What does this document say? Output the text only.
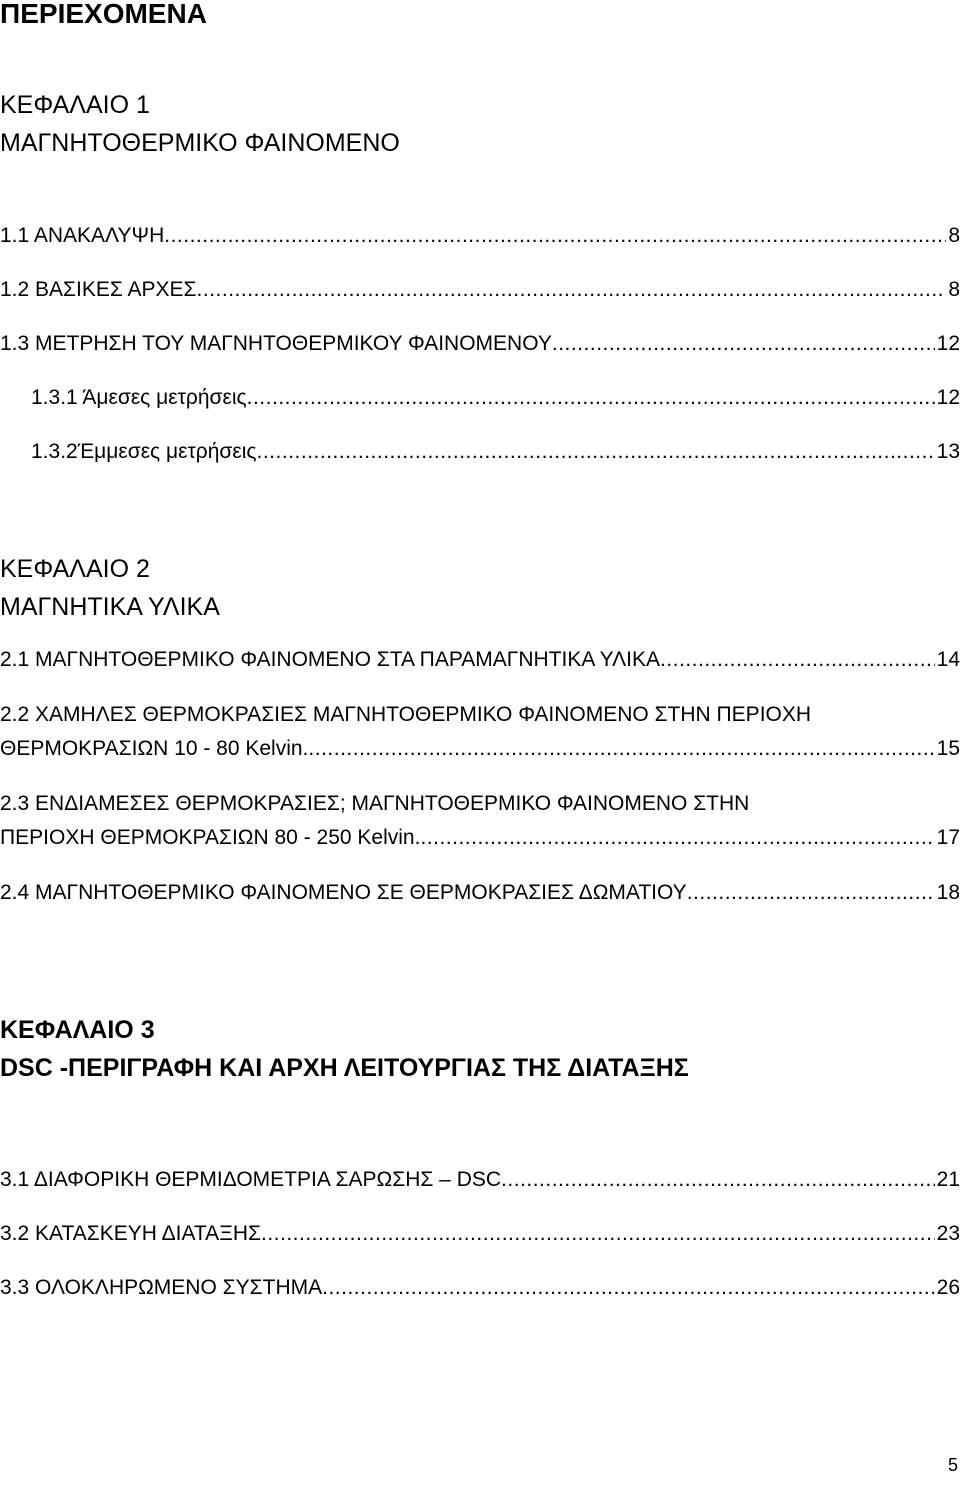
ΠΕΡΙΕΧΟΜΕΝΑ
ΚΕΦΑΛΑΙΟ 1
ΜΑΓΝΗΤΟΘΕΡΜΙΚΟ ΦΑΙΝΟΜΕΝΟ
1.1 ΑΝΑΚΑΛΥΨΗ .....	8
1.2 ΒΑΣΙΚΕΣ ΑΡΧΕΣ .....	8
1.3 ΜΕΤΡΗΣΗ ΤΟΥ ΜΑΓΝΗΤΟΘΕΡΜΙΚΟΥ ΦΑΙΝΟΜΕΝΟΥ .....	12
1.3.1 Άμεσες μετρήσεις .....	12
1.3.2Έμμεσες μετρήσεις .....	13
ΚΕΦΑΛΑΙΟ 2
ΜΑΓΝΗΤΙΚΑ ΥΛΙΚΑ
2.1 ΜΑΓΝΗΤΟΘΕΡΜΙΚΟ ΦΑΙΝΟΜΕΝΟ ΣΤΑ ΠΑΡΑΜΑΓΝΗΤΙΚΑ ΥΛΙΚΑ .....	14
2.2 ΧΑΜΗΛΕΣ ΘΕΡΜΟΚΡΑΣΙΕΣ ΜΑΓΝΗΤΟΘΕΡΜΙΚΟ ΦΑΙΝΟΜΕΝΟ ΣΤΗΝ ΠΕΡΙΟΧΗ
ΘΕΡΜΟΚΡΑΣΙΩΝ 10 - 80 Kelvin. .....	15
2.3 ΕΝΔΙΑΜΕΣΕΣ ΘΕΡΜΟΚΡΑΣΙΕΣ; ΜΑΓΝΗΤΟΘΕΡΜΙΚΟ ΦΑΙΝΟΜΕΝΟ ΣΤΗΝ
ΠΕΡΙΟΧΗ ΘΕΡΜΟΚΡΑΣΙΩΝ 80 - 250 Kelvin. .....	17
2.4 ΜΑΓΝΗΤΟΘΕΡΜΙΚΟ ΦΑΙΝΟΜΕΝΟ ΣΕ ΘΕΡΜΟΚΡΑΣΙΕΣ ΔΩΜΑΤΙΟΥ .....	18
ΚΕΦΑΛΑΙΟ 3
DSC -ΠΕΡΙΓΡΑΦΗ ΚΑΙ ΑΡΧΗ ΛΕΙΤΟΥΡΓΙΑΣ ΤΗΣ ΔΙΑΤΑΞΗΣ
3.1 ΔΙΑΦΟΡΙΚΗ ΘΕΡΜΙΔΟΜΕΤΡΙΑ ΣΑΡΩΣΗΣ – DSC .....	21
3.2 ΚΑΤΑΣΚΕΥΗ ΔΙΑΤΑΞΗΣ .....	23
3.3 ΟΛΟΚΛΗΡΩΜΕΝΟ ΣΥΣΤΗΜΑ .....	26
5
